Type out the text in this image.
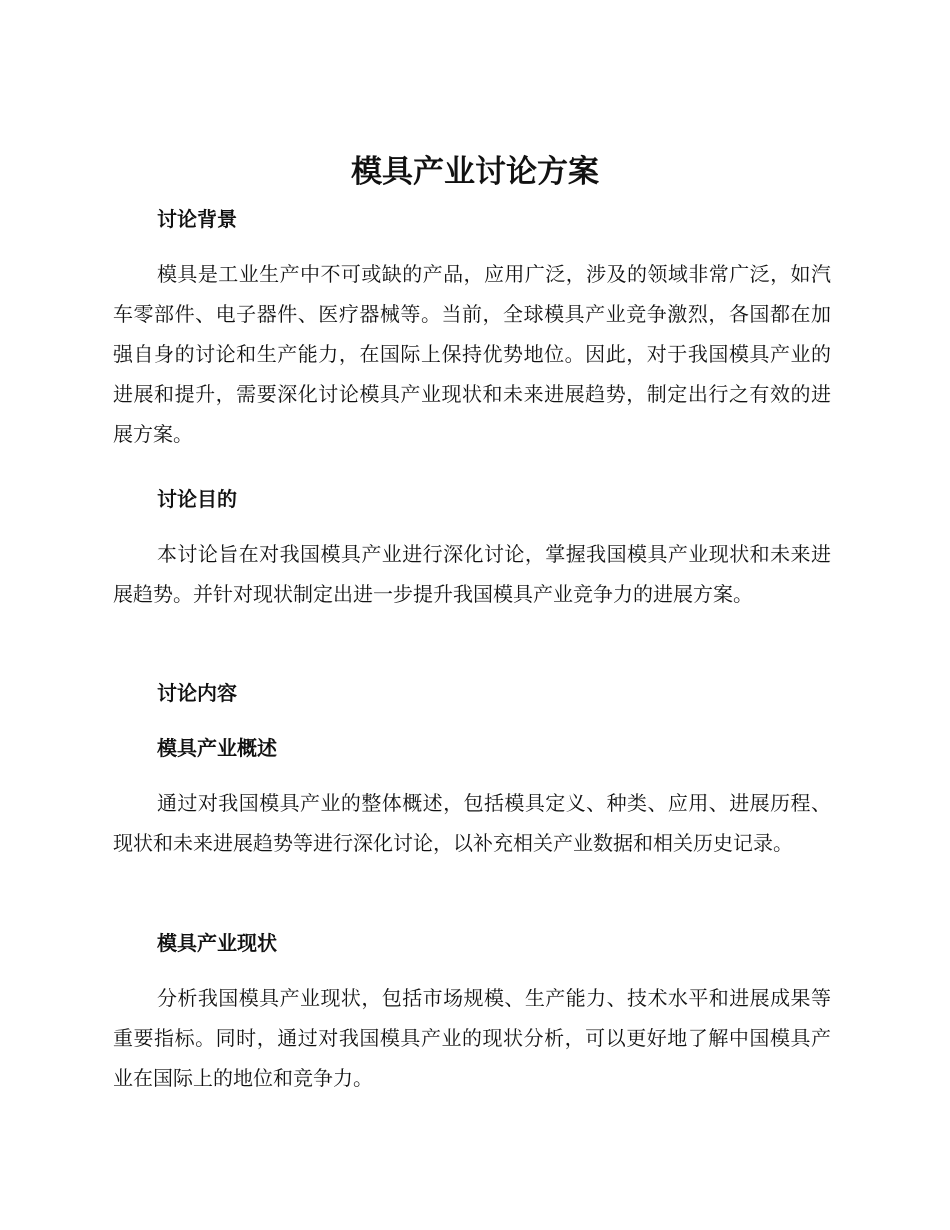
模具产业讨论方案
讨论背景

模具是工业生产中不可或缺的产品，应用广泛，涉及的领域非常广泛，如汽车零部件、电子器件、医疗器械等。当前，全球模具产业竞争激烈，各国都在加强自身的讨论和生产能力，在国际上保持优势地位。因此，对于我国模具产业的进展和提升，需要深化讨论模具产业现状和未来进展趋势，制定出行之有效的进展方案。

讨论目的

本讨论旨在对我国模具产业进行深化讨论，掌握我国模具产业现状和未来进展趋势。并针对现状制定出进一步提升我国模具产业竞争力的进展方案。

讨论内容
模具产业概述

通过对我国模具产业的整体概述，包括模具定义、种类、应用、进展历程、现状和未来进展趋势等进行深化讨论，以补充相关产业数据和相关历史记录。

模具产业现状

分析我国模具产业现状，包括市场规模、生产能力、技术水平和进展成果等重要指标。同时，通过对我国模具产业的现状分析，可以更好地了解中国模具产业在国际上的地位和竞争力。
